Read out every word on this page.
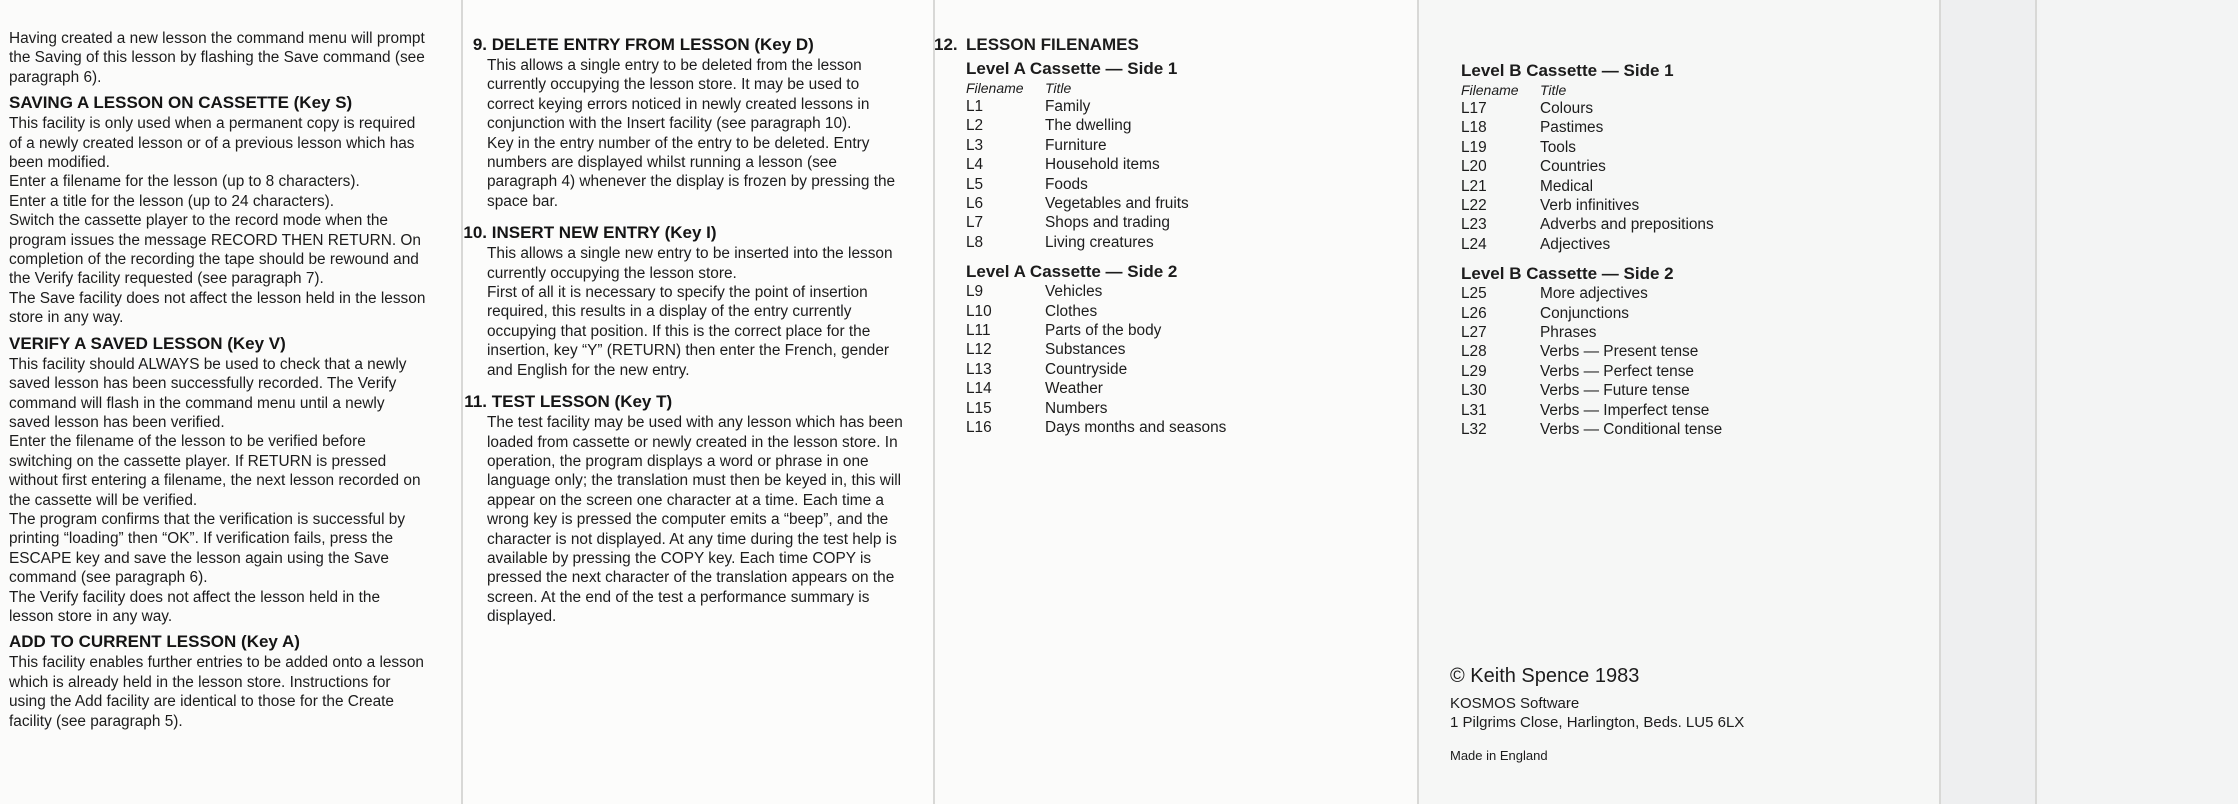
Having created a new lesson the command menu will prompt the Saving of this lesson by flashing the Save command (see paragraph 6).

SAVING A LESSON ON CASSETTE (Key S)

This facility is only used when a permanent copy is required of a newly created lesson or of a previous lesson which has been modified.

Enter a filename for the lesson (up to 8 characters).

Enter a title for the lesson (up to 24 characters).

Switch the cassette player to the record mode when the program issues the message RECORD THEN RETURN. On completion of the recording the tape should be rewound and the Verify facility requested (see paragraph 7).

The Save facility does not affect the lesson held in the lesson store in any way.

VERIFY A SAVED LESSON (Key V)

This facility should ALWAYS be used to check that a newly saved lesson has been successfully recorded. The Verify command will flash in the command menu until a newly saved lesson has been verified.

Enter the filename of the lesson to be verified before switching on the cassette player. If RETURN is pressed without first entering a filename, the next lesson recorded on the cassette will be verified.

The program confirms that the verification is successful by printing “loading” then “OK”. If verification fails, press the ESCAPE key and save the lesson again using the Save command (see paragraph 6).

The Verify facility does not affect the lesson held in the lesson store in any way.

ADD TO CURRENT LESSON (Key A)

This facility enables further entries to be added onto a lesson which is already held in the lesson store. Instructions for using the Add facility are identical to those for the Create facility (see paragraph 5).

9. DELETE ENTRY FROM LESSON (Key D)

This allows a single entry to be deleted from the lesson currently occupying the lesson store. It may be used to correct keying errors noticed in newly created lessons in conjunction with the Insert facility (see paragraph 10).

Key in the entry number of the entry to be deleted. Entry numbers are displayed whilst running a lesson (see paragraph 4) whenever the display is frozen by pressing the space bar.

10. INSERT NEW ENTRY (Key I)

This allows a single new entry to be inserted into the lesson currently occupying the lesson store.

First of all it is necessary to specify the point of insertion required, this results in a display of the entry currently occupying that position. If this is the correct place for the insertion, key “Y” (RETURN) then enter the French, gender and English for the new entry.

11. TEST LESSON (Key T)

The test facility may be used with any lesson which has been loaded from cassette or newly created in the lesson store. In operation, the program displays a word or phrase in one language only; the translation must then be keyed in, this will appear on the screen one character at a time. Each time a wrong key is pressed the computer emits a “beep”, and the character is not displayed. At any time during the test help is available by pressing the COPY key. Each time COPY is pressed the next character of the translation appears on the screen. At the end of the test a performance summary is displayed.

12. LESSON FILENAMES
Level A Cassette — Side 1
Filename	Title
L1	Family
L2	The dwelling
L3	Furniture
L4	Household items
L5	Foods
L6	Vegetables and fruits
L7	Shops and trading
L8	Living creatures
Level A Cassette — Side 2
L9	Vehicles
L10	Clothes
L11	Parts of the body
L12	Substances
L13	Countryside
L14	Weather
L15	Numbers
L16	Days months and seasons
Level B Cassette — Side 1
Filename	Title
L17	Colours
L18	Pastimes
L19	Tools
L20	Countries
L21	Medical
L22	Verb infinitives
L23	Adverbs and prepositions
L24	Adjectives
Level B Cassette — Side 2
L25	More adjectives
L26	Conjunctions
L27	Phrases
L28	Verbs — Present tense
L29	Verbs — Perfect tense
L30	Verbs — Future tense
L31	Verbs — Imperfect tense
L32	Verbs — Conditional tense
© Keith Spence 1983
KOSMOS Software
1 Pilgrims Close, Harlington, Beds. LU5 6LX
Made in England
